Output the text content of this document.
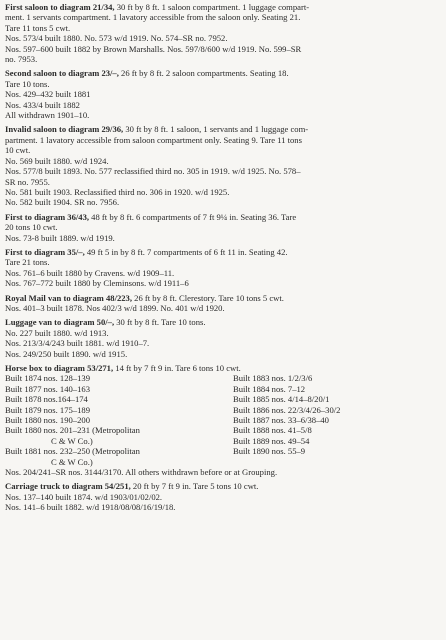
First saloon to diagram 21/34, 30 ft by 8 ft. 1 saloon compartment. 1 luggage compart-
ment. 1 servants compartment. 1 lavatory accessible from the saloon only. Seating 21.
Tare 11 tons 5 cwt.
Nos. 573/4 built 1880. No. 573 w/d 1919. No. 574–SR no. 7952.
Nos. 597–600 built 1882 by Brown Marshalls. Nos. 597/8/600 w/d 1919. No. 599–SR
no. 7953.
Second saloon to diagram 23/–, 26 ft by 8 ft. 2 saloon compartments. Seating 18.
Tare 10 tons.
Nos. 429–432 built 1881
Nos. 433/4 built 1882
All withdrawn 1901–10.
Invalid saloon to diagram 29/36, 30 ft by 8 ft. 1 saloon, 1 servants and 1 luggage com-
partment. 1 lavatory accessible from saloon compartment only. Seating 9. Tare 11 tons
10 cwt.
No. 569 built 1880. w/d 1924.
Nos. 577/8 built 1893. No. 577 reclassified third no. 305 in 1919. w/d 1925. No. 578–
SR no. 7955.
No. 581 built 1903. Reclassified third no. 306 in 1920. w/d 1925.
No. 582 built 1904. SR no. 7956.
First to diagram 36/43, 48 ft by 8 ft. 6 compartments of 7 ft 9¼ in. Seating 36. Tare
20 tons 10 cwt.
Nos. 73-8 built 1889. w/d 1919.
First to diagram 35/–, 49 ft 5 in by 8 ft. 7 compartments of 6 ft 11 in. Seating 42.
Tare 21 tons.
Nos. 761–6 built 1880 by Cravens. w/d 1909–11.
Nos. 767–772 built 1880 by Cleminsons. w/d 1911–6
Royal Mail van to diagram 48/223, 26 ft by 8 ft. Clerestory. Tare 10 tons 5 cwt.
Nos. 401–3 built 1878. Nos 402/3 w/d 1899. No. 401 w/d 1920.
Luggage van to diagram 50/–, 30 ft by 8 ft. Tare 10 tons.
No. 227 built 1880. w/d 1913.
Nos. 213/3/4/243 built 1881. w/d 1910–7.
Nos. 249/250 built 1890. w/d 1915.
Horse box to diagram 53/271, 14 ft by 7 ft 9 in. Tare 6 tons 10 cwt.
Built 1874 nos. 128–139
Built 1877 nos. 140–163
Built 1878 nos.164–174
Built 1879 nos. 175–189
Built 1880 nos. 190–200
Built 1880 nos. 201–231 (Metropolitan
C & W Co.)
Built 1881 nos. 232–250 (Metropolitan
C & W Co.)
Built 1883 nos. 1/2/3/6
Built 1884 nos. 7–12
Built 1885 nos. 4/14–8/20/1
Built 1886 nos. 22/3/4/26–30/2
Built 1887 nos. 33–6/38–40
Built 1888 nos. 41–5/8
Built 1889 nos. 49–54
Built 1890 nos. 55–9
Nos. 204/241–SR nos. 3144/3170. All others withdrawn before or at Grouping.
Carriage truck to diagram 54/251, 20 ft by 7 ft 9 in. Tare 5 tons 10 cwt.
Nos. 137–140 built 1874. w/d 1903/01/02/02.
Nos. 141–6 built 1882. w/d 1918/08/08/16/19/18.
